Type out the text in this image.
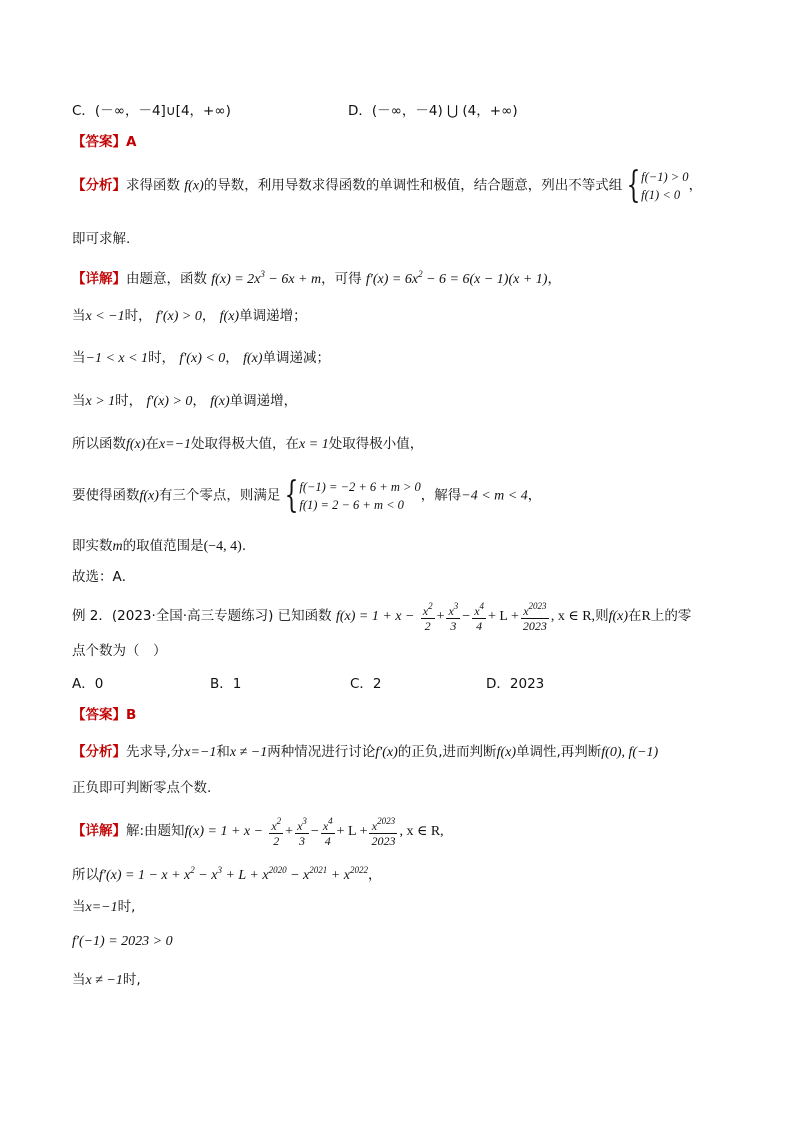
C．(－∞，－4]∪[4，+∞)	D．(－∞，－4) ⋃ (4，+∞)
【答案】A
【分析】求得函数 f(x)的导数，利用导数求得函数的单调性和极值，结合题意，列出不等式组 { f(−1) > 0
f(1) < 0
，
即可求解.
【详解】由题意，函数 $f(x) = 2x^3 - 6x + m$，可得 $f'(x) = 6x^2 - 6 = 6(x - 1)(x + 1)$，
当x < −1时， f′(x) > 0， f(x)单调递增；
当−1 < x < 1时， f′(x) < 0， f(x)单调递减；
当x > 1时， f′(x) > 0， f(x)单调递增，
所以函数f(x)在x=−1处取得极大值，在x = 1处取得极小值，
要使得函数f(x)有三个零点，则满足 { f(−1) = −2 + 6 + m > 0
f(1) = 2 − 6 + m < 0
，解得−4 < m < 4，
即实数m的取值范围是(−4, 4).
故选：A．
例 2．(2023·全国·高三专题练习) 已知函数 $f(x) = 1 + x - \frac{x^2}{2} + \frac{x^3}{3} - \frac{x^4}{4} + L + \frac{x^{2023}}{2023}$ , x ∈ R,则f(x)在R上的零
点个数为（　）
A．0	B．1	C．2	D．2023
【答案】B
【分析】先求导,分x=−1和x ≠ −1两种情况进行讨论f′(x)的正负,进而判断f(x)单调性,再判断f(0), f(−1)
正负即可判断零点个数.
【详解】解:由题知$f(x) = 1 + x - \frac{x^2}{2} + \frac{x^3}{3} - \frac{x^4}{4} + L + \frac{x^{2023}}{2023}$ , x ∈ R,
所以$f'(x) = 1 - x + x^2 - x^3 + L + x^{2020} - x^{2021} + x^{2022}$，
当x=−1时,
f′(−1) = 2023 > 0
当x ≠ −1时,
